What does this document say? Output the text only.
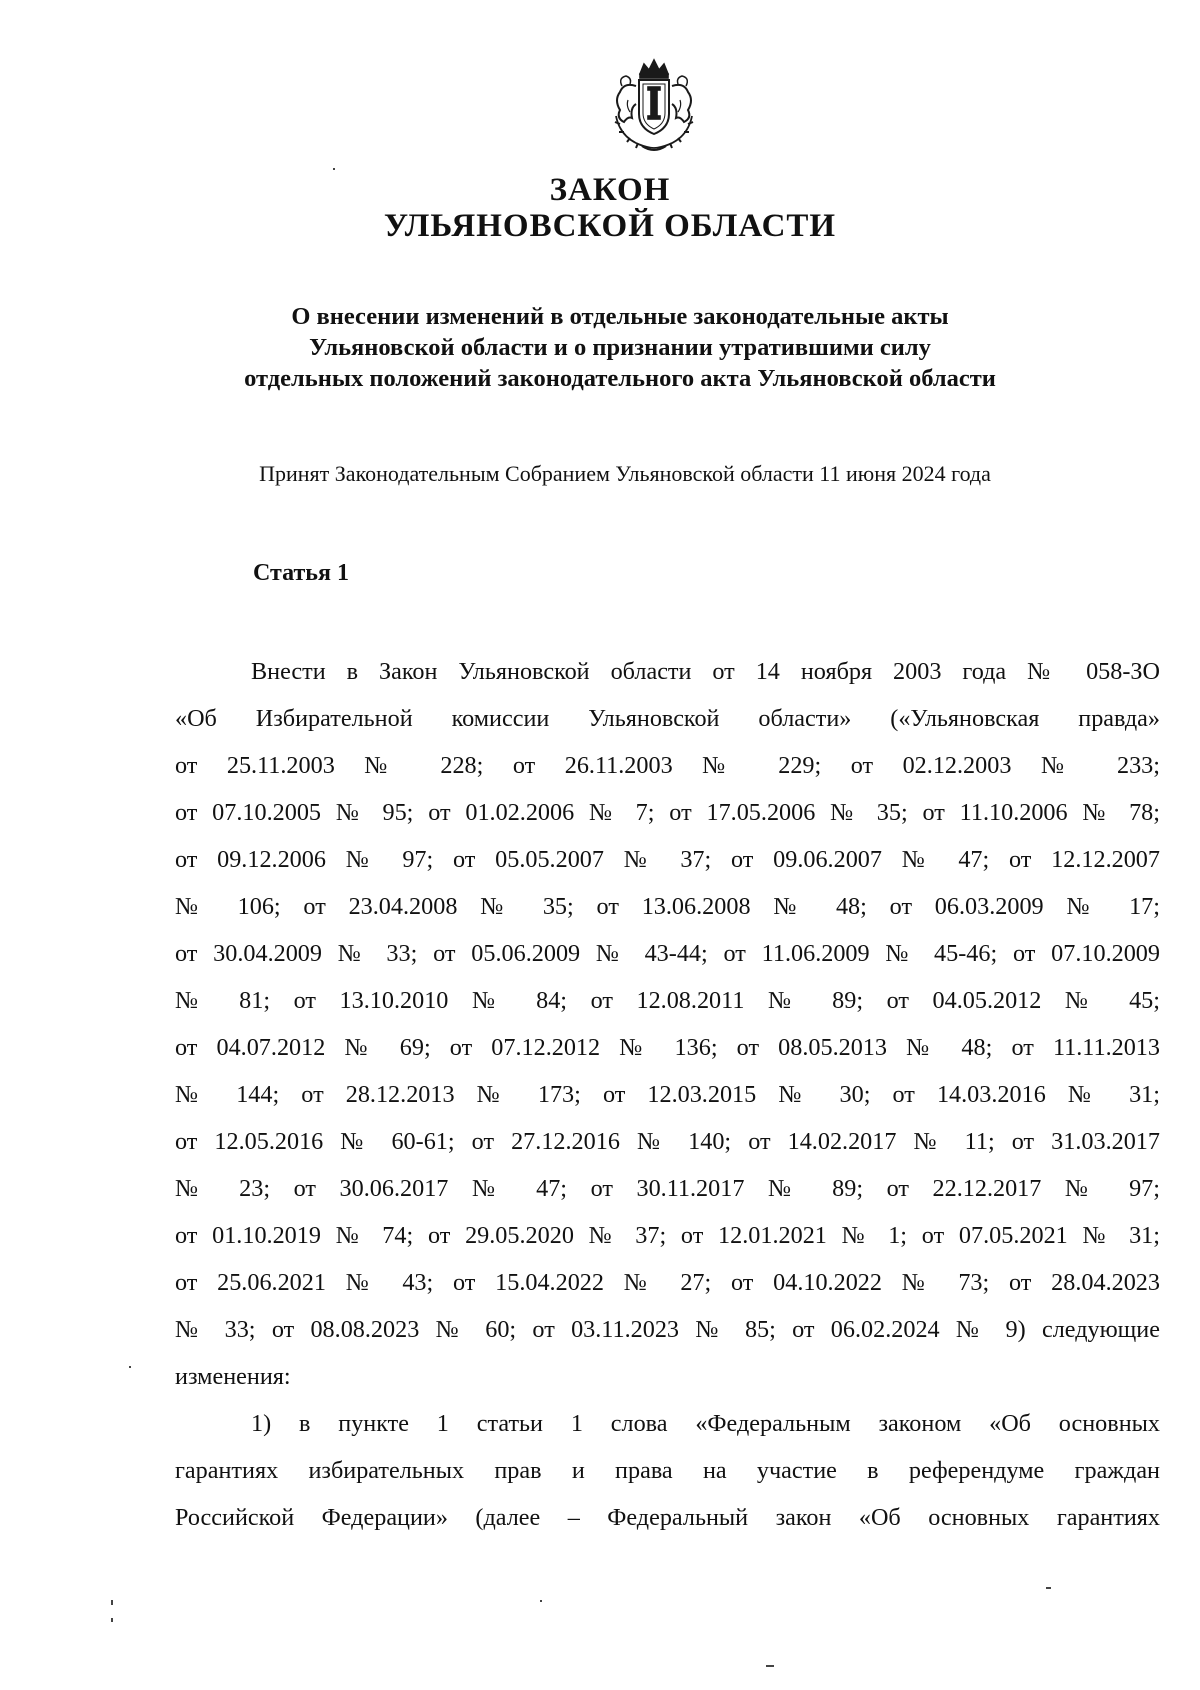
ЗАКОН
УЛЬЯНОВСКОЙ ОБЛАСТИ
О внесении изменений в отдельные законодательные акты
Ульяновской области и о признании утратившими силу
отдельных положений законодательного акта Ульяновской области
Принят Законодательным Собранием Ульяновской области 11 июня 2024 года
Статья 1
Внести в Закон Ульяновской области от 14 ноября 2003 года № 058-ЗО
«Об Избирательной комиссии Ульяновской области» («Ульяновская правда»
от 25.11.2003 № 228; от 26.11.2003 № 229; от 02.12.2003 № 233;
от 07.10.2005 № 95; от 01.02.2006 № 7; от 17.05.2006 № 35; от 11.10.2006 № 78;
от 09.12.2006 № 97; от 05.05.2007 № 37; от 09.06.2007 № 47; от 12.12.2007
№ 106; от 23.04.2008 № 35; от 13.06.2008 № 48; от 06.03.2009 № 17;
от 30.04.2009 № 33; от 05.06.2009 № 43-44; от 11.06.2009 № 45-46; от 07.10.2009
№ 81; от 13.10.2010 № 84; от 12.08.2011 № 89; от 04.05.2012 № 45;
от 04.07.2012 № 69; от 07.12.2012 № 136; от 08.05.2013 № 48; от 11.11.2013
№ 144; от 28.12.2013 № 173; от 12.03.2015 № 30; от 14.03.2016 № 31;
от 12.05.2016 № 60-61; от 27.12.2016 № 140; от 14.02.2017 № 11; от 31.03.2017
№ 23; от 30.06.2017 № 47; от 30.11.2017 № 89; от 22.12.2017 № 97;
от 01.10.2019 № 74; от 29.05.2020 № 37; от 12.01.2021 № 1; от 07.05.2021 № 31;
от 25.06.2021 № 43; от 15.04.2022 № 27; от 04.10.2022 № 73; от 28.04.2023
№ 33; от 08.08.2023 № 60; от 03.11.2023 № 85; от 06.02.2024 № 9) следующие
изменения:
1) в пункте 1 статьи 1 слова «Федеральным законом «Об основных
гарантиях избирательных прав и права на участие в референдуме граждан
Российской Федерации» (далее – Федеральный закон «Об основных гарантиях
